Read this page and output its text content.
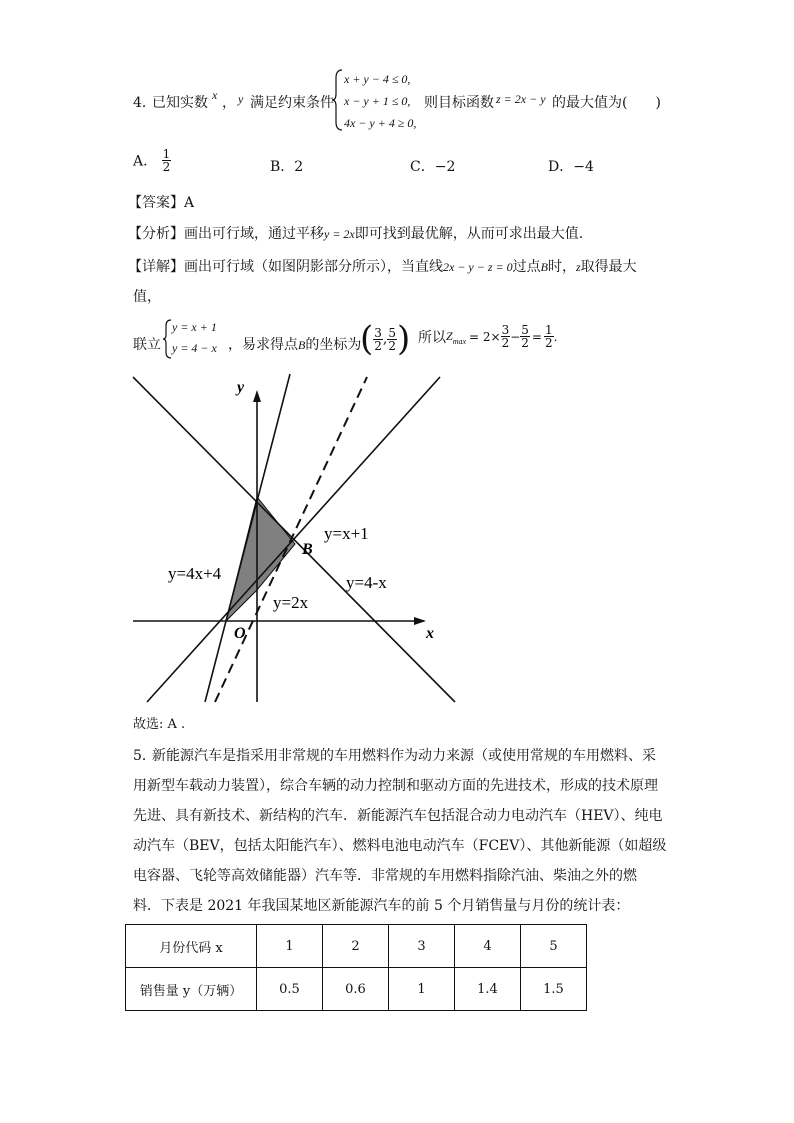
4．
已知实数 x ， y 满足约束条件
x + y − 4 ≤ 0,
x − y + 1 ≤ 0,
4x − y + 4 ≥ 0,
则目标函数 z = 2x − y 的最大值为(　　)
A． $\frac{1}{2}$	B．2	C．−2	D．−4
【答案】A
【分析】画出可行域，通过平移y = 2x即可找到最优解，从而可求出最大值.
【详解】画出可行域（如图阴影部分所示），当直线2x − y − z = 0过点B时，z取得最大
值，
联立
y = x + 1
y = 4 − x ，易求得点B的坐标为
( $\frac{3}{2}$ , $\frac{5}{2}$ )
，所以 Z $\max = 2\times \frac{3}{2} - \frac{5}{2} = \frac{1}{2}$ .
y
x
O
B
y=4x+4
y=x+1
y=4-x
y=2x
故选: A .
5．
新能源汽车是指采用非常规的车用燃料作为动力来源（或使用常规的车用燃料、采
用新型车载动力装置），综合车辆的动力控制和驱动方面的先进技术，形成的技术原理
先进、具有新技术、新结构的汽车．新能源汽车包括混合动力电动汽车（HEV）、纯电
动汽车（BEV，包括太阳能汽车）、燃料电池电动汽车（FCEV）、其他新能源（如超级
电容器、飞轮等高效储能器）汽车等．非常规的车用燃料指除汽油、柴油之外的燃
料．下表是 2021 年我国某地区新能源汽车的前 5 个月销售量与月份的统计表：
月份代码 x	1	2	3	4	5
销售量 y（万辆）	0.5	0.6	1	1.4	1.5
